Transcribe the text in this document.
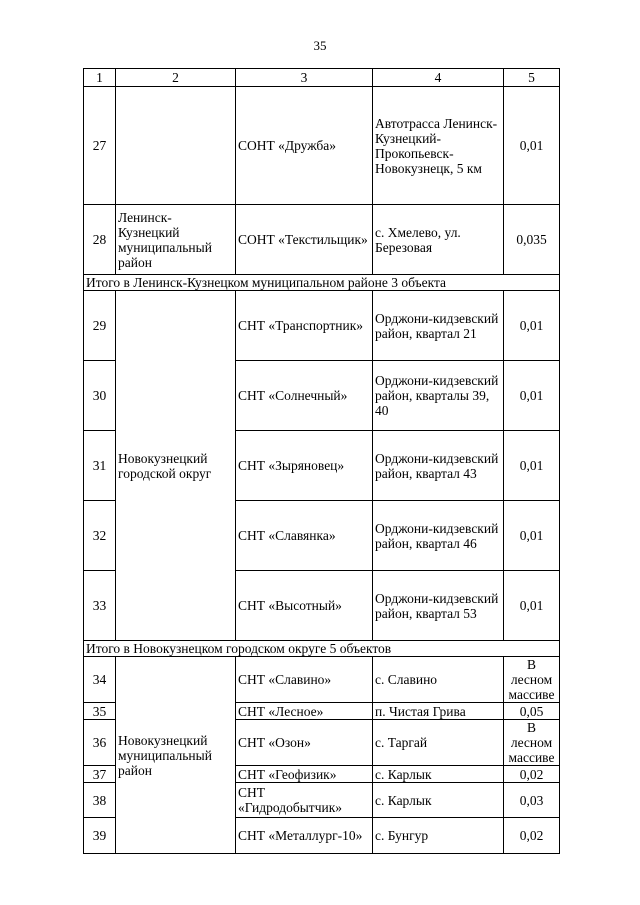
35
1	2	3	4	5
27		СОНТ «Дружба»	Автотрасса Ленинск-Кузнецкий-Прокопьевск-Новокузнецк, 5 км	0,01
28	Ленинск-Кузнецкий муниципальный район	СОНТ «Текстильщик»	с. Хмелево, ул. Березовая	0,035
Итого в Ленинск-Кузнецком муниципальном районе 3 объекта				
29	Новокузнецкий городской округ	СНТ «Транспортник»	Орджони-кидзевский район, квартал 21	0,01
30		СНТ «Солнечный»	Орджони-кидзевский район, кварталы 39, 40	0,01
31		СНТ «Зыряновец»	Орджони-кидзевский район, квартал 43	0,01
32		СНТ «Славянка»	Орджони-кидзевский район, квартал 46	0,01
33		СНТ «Высотный»	Орджони-кидзевский район, квартал 53	0,01
Итого в Новокузнецком городском округе 5 объектов				
34	Новокузнецкий муниципальный район	СНТ «Славино»	с. Славино	В лесном массиве
35		СНТ «Лесное»	п. Чистая Грива	0,05
36		СНТ «Озон»	с. Таргай	В лесном массиве
37		СНТ «Геофизик»	с. Карлык	0,02
38		СНТ «Гидродобытчик»	с. Карлык	0,03
39		СНТ «Металлург-10»	с. Бунгур	0,02
